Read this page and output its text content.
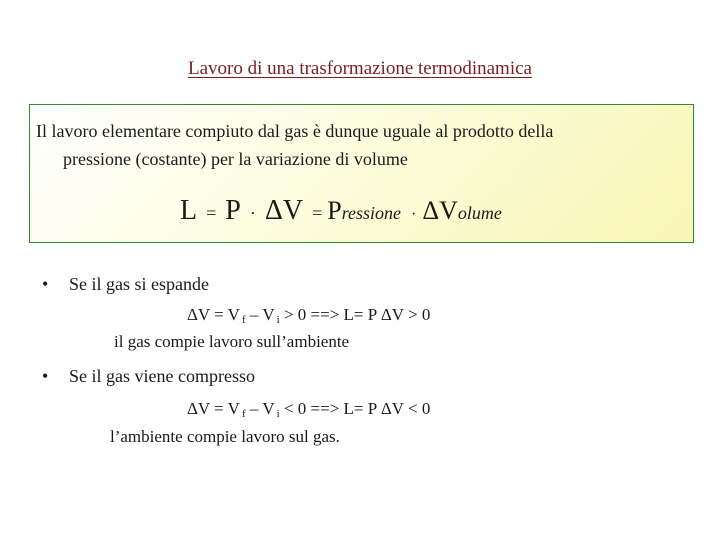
Lavoro di una trasformazione termodinamica
Il lavoro elementare compiuto dal gas è dunque uguale al prodotto della
pressione (costante) per la variazione di volume
L = P · ΔV = Pressione · ΔVolume
• Se il gas si espande
ΔV = V $_f$ – V $_i$ > 0 ==> L= P ΔV > 0
il gas compie lavoro sull’ambiente
• Se il gas viene compresso
ΔV = V $_f$ – V $_i$ < 0 ==> L= P ΔV < 0
l’ambiente compie lavoro sul gas.
